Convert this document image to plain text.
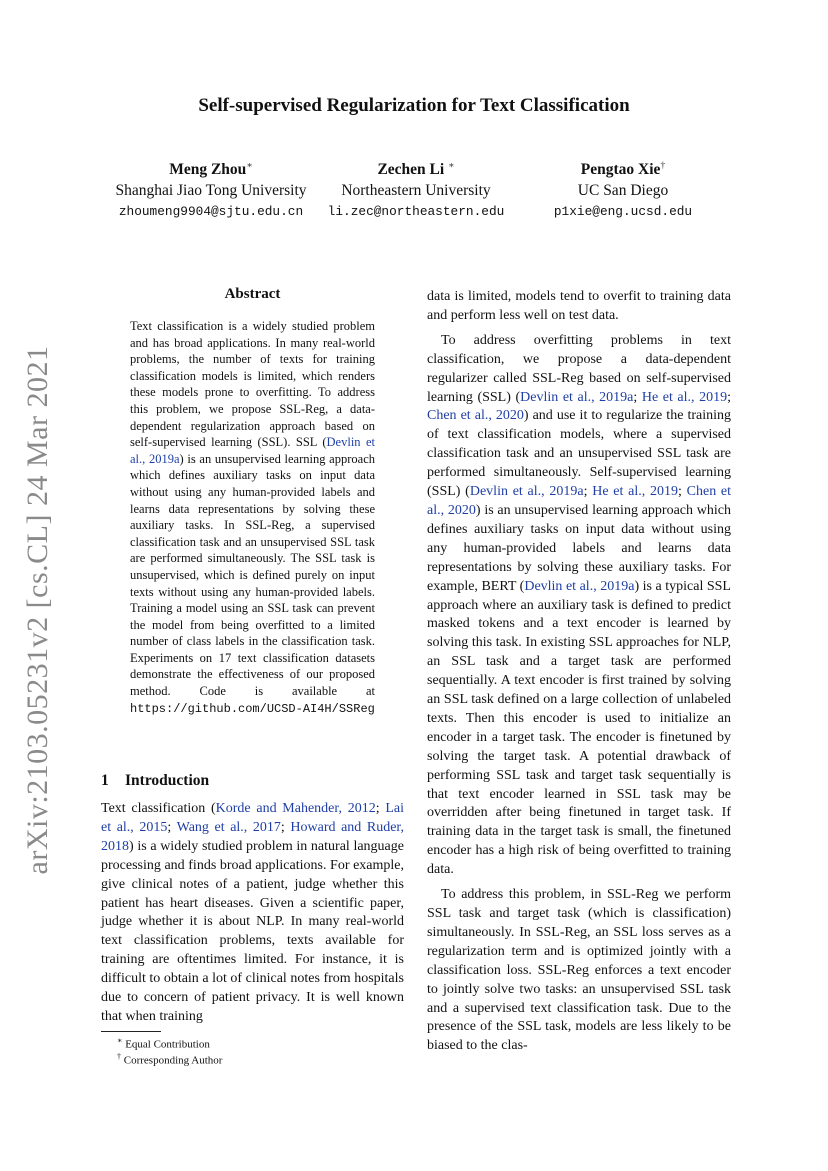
arXiv:2103.05231v2 [cs.CL] 24 Mar 2021
Self-supervised Regularization for Text Classification
Meng Zhou∗
Shanghai Jiao Tong University
zhoumeng9904@sjtu.edu.cn
Zechen Li ∗
Northeastern University
li.zec@northeastern.edu
Pengtao Xie†
UC San Diego
p1xie@eng.ucsd.edu
Abstract
Text classification is a widely studied problem and has broad applications. In many real-world problems, the number of texts for training classification models is limited, which renders these models prone to overfitting. To address this problem, we propose SSL-Reg, a data-dependent regularization approach based on self-supervised learning (SSL). SSL (Devlin et al., 2019a) is an unsupervised learning approach which defines auxiliary tasks on input data without using any human-provided labels and learns data representations by solving these auxiliary tasks. In SSL-Reg, a supervised classification task and an unsupervised SSL task are performed simultaneously. The SSL task is unsupervised, which is defined purely on input texts without using any human-provided labels. Training a model using an SSL task can prevent the model from being overfitted to a limited number of class labels in the classification task. Experiments on 17 text classification datasets demonstrate the effectiveness of our proposed method. Code is available at https://github.com/UCSD-AI4H/SSReg
1 Introduction

Text classification (Korde and Mahender, 2012; Lai et al., 2015; Wang et al., 2017; Howard and Ruder, 2018) is a widely studied problem in natural language processing and finds broad applications. For example, give clinical notes of a patient, judge whether this patient has heart diseases. Given a scientific paper, judge whether it is about NLP. In many real-world text classification problems, texts available for training are oftentimes limited. For instance, it is difficult to obtain a lot of clinical notes from hospitals due to concern of patient privacy. It is well known that when training

∗ Equal Contribution
† Corresponding Author

data is limited, models tend to overfit to training data and perform less well on test data.

To address overfitting problems in text classification, we propose a data-dependent regularizer called SSL-Reg based on self-supervised learning (SSL) (Devlin et al., 2019a; He et al., 2019; Chen et al., 2020) and use it to regularize the training of text classification models, where a supervised classification task and an unsupervised SSL task are performed simultaneously. Self-supervised learning (SSL) (Devlin et al., 2019a; He et al., 2019; Chen et al., 2020) is an unsupervised learning approach which defines auxiliary tasks on input data without using any human-provided labels and learns data representations by solving these auxiliary tasks. For example, BERT (Devlin et al., 2019a) is a typical SSL approach where an auxiliary task is defined to predict masked tokens and a text encoder is learned by solving this task. In existing SSL approaches for NLP, an SSL task and a target task are performed sequentially. A text encoder is first trained by solving an SSL task defined on a large collection of unlabeled texts. Then this encoder is used to initialize an encoder in a target task. The encoder is finetuned by solving the target task. A potential drawback of performing SSL task and target task sequentially is that text encoder learned in SSL task may be overridden after being finetuned in target task. If training data in the target task is small, the finetuned encoder has a high risk of being overfitted to training data.

To address this problem, in SSL-Reg we perform SSL task and target task (which is classification) simultaneously. In SSL-Reg, an SSL loss serves as a regularization term and is optimized jointly with a classification loss. SSL-Reg enforces a text encoder to jointly solve two tasks: an unsupervised SSL task and a supervised text classification task. Due to the presence of the SSL task, models are less likely to be biased to the clas-
